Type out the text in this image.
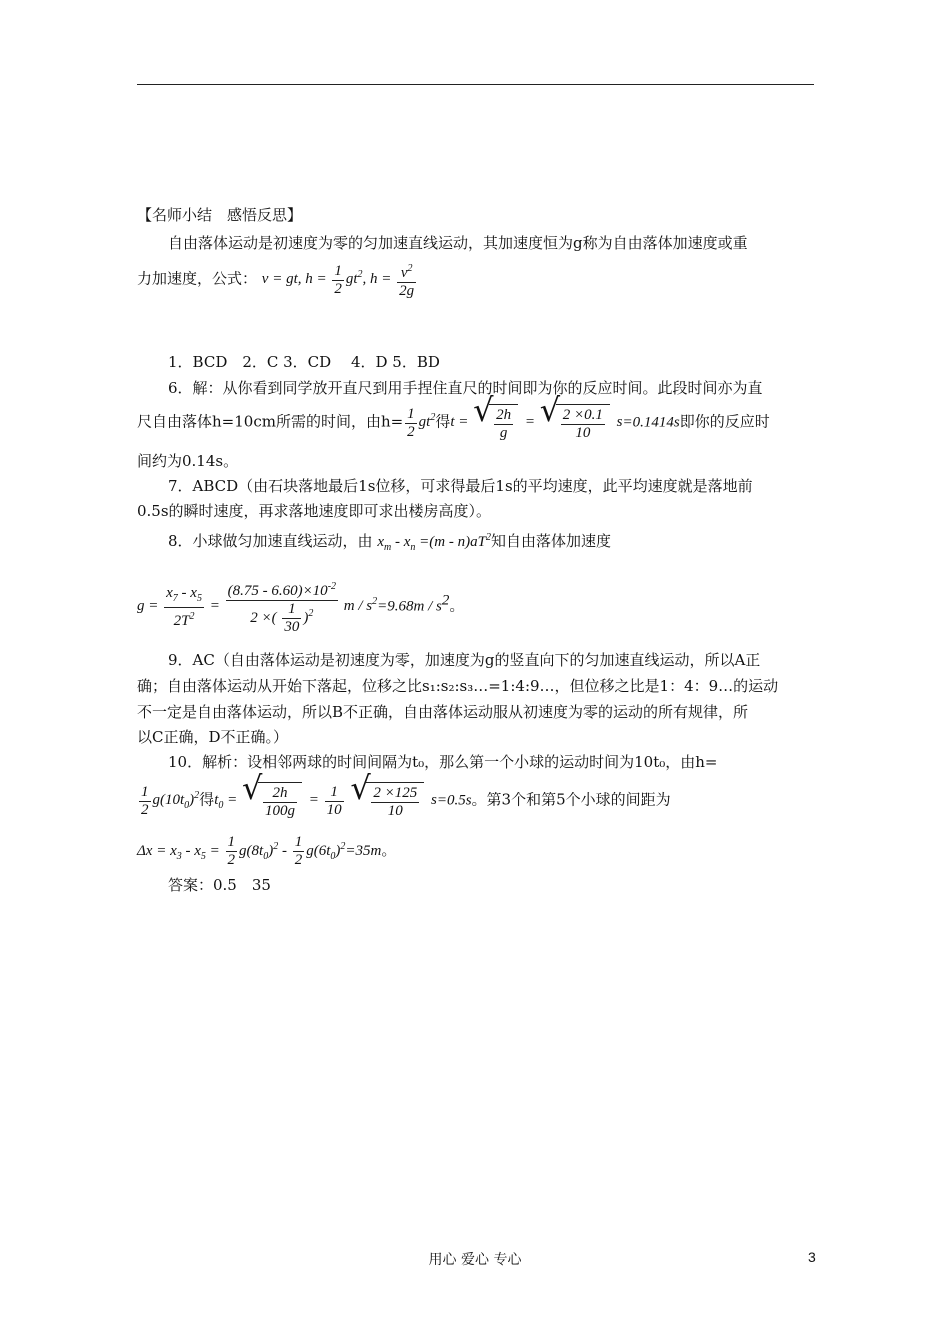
【名师小结　感悟反思】
自由落体运动是初速度为零的匀加速直线运动，其加速度恒为g称为自由落体加速度或重
力加速度，公式： v = gt, $h = \frac{1}{2} gt^2$, $h = \frac{v^2}{2g}$
1．BCD　2．C 3．CD　 4．D 5．BD
6．解：从你看到同学放开直尺到用手捏住直尺的时间即为你的反应时间。此段时间亦为直
尺自由落体h=10cm所需的时间，由$h= \frac{1}{2} gt^2$得t = √ $\frac{2h}{g}$ = √ $\frac{2 \times 0.1}{10} s=0.1414s$即你的反应时
间约为0.14s。
7．ABCD（由石块落地最后1s位移，可求得最后1s的平均速度，此平均速度就是落地前
0.5s的瞬时速度，再求落地速度即可求出楼房高度）。
8．小球做匀加速直线运动，由 $x_m - x_n =(m - n)aT^2$知自由落体加速度
$g = \frac{x_7 - x_5}{2T^2} = \frac{(8.75 - 6.60)\times 10^{-2}}{2 \times( \frac{1}{30} )^2}$ $m / s^2=9.68m / s^2$。
9．AC（自由落体运动是初速度为零，加速度为g的竖直向下的匀加速直线运动，所以A正
确；自由落体运动从开始下落起，位移之比s₁:s₂:s₃…=1:4:9…，但位移之比是1：4：9…的运动
不一定是自由落体运动，所以B不正确，自由落体运动服从初速度为零的运动的所有规律，所
以C正确，D不正确。）
10．解析：设相邻两球的时间间隔为t₀，那么第一个小球的运动时间为10t₀，由h=
$\frac{1}{2} g(10t_0)^2$得$t_0$ = √ $\frac{2h}{100g} = \frac{1}{10}$
√ $\frac{2 \times 125}{10} s=0.5s$。第3个和第5个小球的间距为
$\Delta x = x_3 - x_5 = \frac{1}{2} g(8t_0)^2 - \frac{1}{2} g(6t_0)^2=35m$。
答案：0.5　35
用心 爱心 专心	3
